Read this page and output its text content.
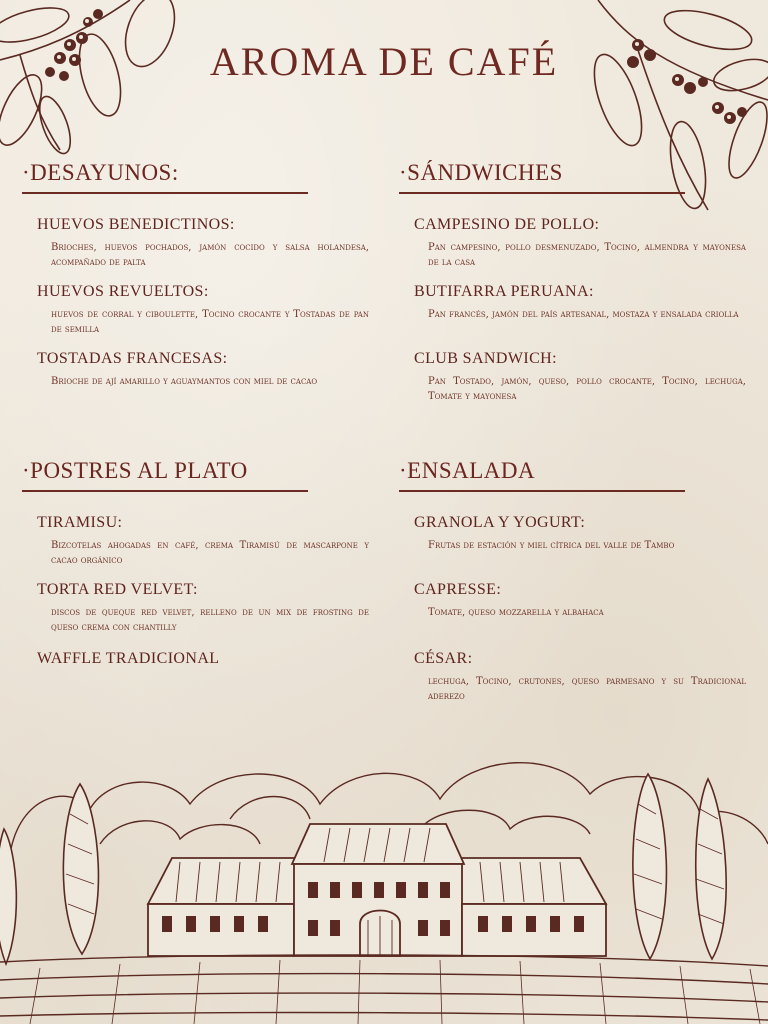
AROMA DE CAFÉ
·DESAYUNOS:
HUEVOS BENEDICTINOS:
Brioches, huevos pochados, jamón cocido y salsa holandesa, acompañado de palta
HUEVOS REVUELTOS:
huevos de corral y ciboulette, Tocino crocante y Tostadas de pan de semilla
TOSTADAS FRANCESAS:
Brioche de ají amarillo y aguaymantos con miel de cacao
·SÁNDWICHES
CAMPESINO DE POLLO:
Pan campesino, pollo desmenuzado, Tocino, almendra y mayonesa de la casa
BUTIFARRA PERUANA:
Pan francés, jamón del país artesanal, mostaza y ensalada criolla
CLUB SANDWICH:
Pan Tostado, jamón, queso, pollo crocante, Tocino, lechuga, Tomate y mayonesa
·POSTRES AL PLATO
TIRAMISU:
Bizcotelas ahogadas en café, crema Tiramisú de mascarpone y cacao orgánico
TORTA RED VELVET:
discos de queque red velvet, relleno de un mix de frosting de queso crema con chantilly
WAFFLE TRADICIONAL
·ENSALADA
GRANOLA Y YOGURT:
Frutas de estación y miel cítrica del valle de Tambo
CAPRESSE:
Tomate, queso mozzarella y albahaca
CÉSAR:
lechuga, Tocino, crutones, queso parmesano y su Tradicional aderezo
